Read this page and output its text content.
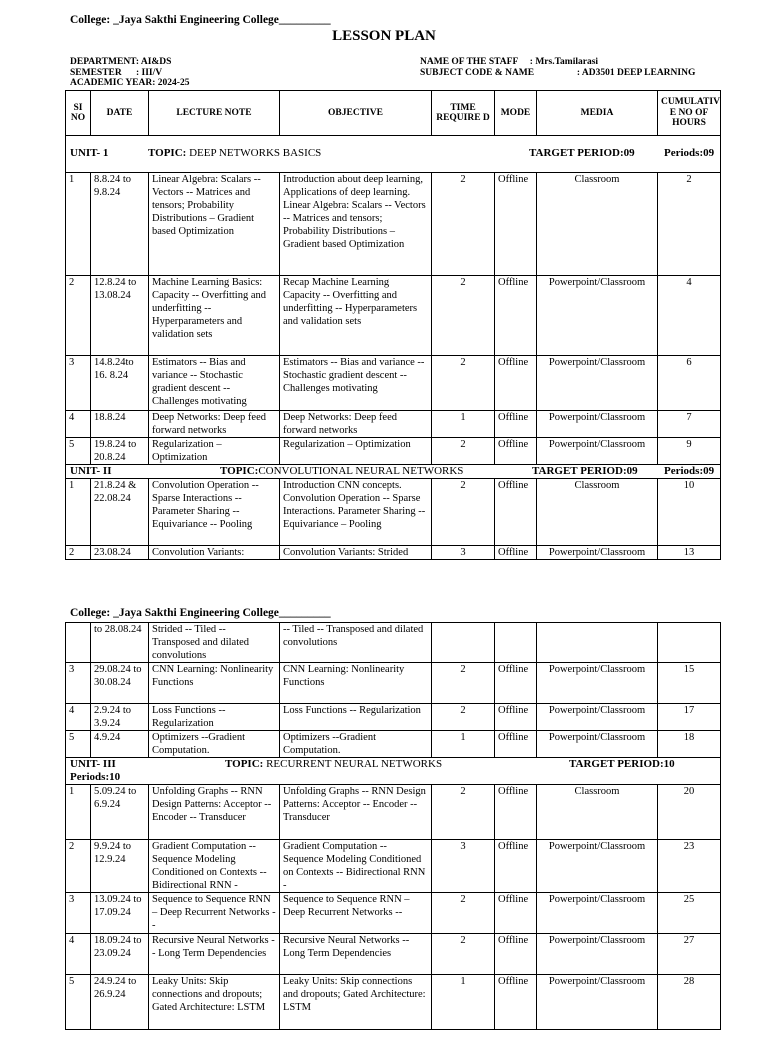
College: _Jaya Sakthi Engineering College_________
LESSON PLAN
DEPARTMENT: AI&DS
SEMESTER      : III/V
ACADEMIC YEAR: 2024-25
NAME OF THE STAFF     : Mrs.Tamilarasi
SUBJECT CODE & NAME                  : AD3501 DEEP LEARNING
SI NO	DATE	LECTURE NOTE	OBJECTIVE	TIME REQUIRE D	MODE	MEDIA	CUMULATIV E NO OF HOURS

UNIT- 1 TOPIC: DEEP NETWORKS BASICS TARGET PERIOD:09 Periods:09							

1	8.8.24 to 9.8.24	Linear Algebra: Scalars -- Vectors -- Matrices and tensors; Probability Distributions – Gradient based Optimization	Introduction about deep learning, Applications of deep learning. Linear Algebra: Scalars -- Vectors -- Matrices and tensors; Probability Distributions – Gradient based Optimization	2	Offline	Classroom	2
2	12.8.24 to 13.08.24	Machine Learning Basics: Capacity -- Overfitting and underfitting -- Hyperparameters and validation sets	Recap Machine Learning Capacity -- Overfitting and underfitting -- Hyperparameters and validation sets	2	Offline	Powerpoint/Classroom	4
3	14.8.24to 16. 8.24	Estimators -- Bias and variance -- Stochastic gradient descent -- Challenges motivating	Estimators -- Bias and variance -- Stochastic gradient descent -- Challenges motivating	2	Offline	Powerpoint/Classroom	6
4	18.8.24	Deep Networks: Deep feed forward networks	Deep Networks: Deep feed forward networks	1	Offline	Powerpoint/Classroom	7
5	19.8.24 to 20.8.24	Regularization – Optimization	Regularization – Optimization	2	Offline	Powerpoint/Classroom	9

UNIT- II TOPIC:CONVOLUTIONAL NEURAL NETWORKS TARGET PERIOD:09 Periods:09							

1	21.8.24 & 22.08.24	Convolution Operation -- Sparse Interactions -- Parameter Sharing -- Equivariance -- Pooling	Introduction CNN concepts. Convolution Operation -- Sparse Interactions. Parameter Sharing -- Equivariance – Pooling	2	Offline	Classroom	10
2	23.08.24	Convolution Variants:	Convolution Variants: Strided	3	Offline	Powerpoint/Classroom	13
College: _Jaya Sakthi Engineering College_________
	to 28.08.24	Strided -- Tiled -- Transposed and dilated convolutions	-- Tiled -- Transposed and dilated convolutions				
3	29.08.24 to 30.08.24	CNN Learning: Nonlinearity Functions	CNN Learning: Nonlinearity Functions	2	Offline	Powerpoint/Classroom	15
4	2.9.24 to 3.9.24	Loss Functions -- Regularization	Loss Functions -- Regularization	2	Offline	Powerpoint/Classroom	17
5	4.9.24	Optimizers --Gradient Computation.	Optimizers --Gradient Computation.	1	Offline	Powerpoint/Classroom	18

UNIT- III TOPIC: RECURRENT NEURAL NETWORKS TARGET PERIOD:10
Periods:10							

1	5.09.24 to 6.9.24	Unfolding Graphs -- RNN Design Patterns: Acceptor -- Encoder -- Transducer	Unfolding Graphs -- RNN Design Patterns: Acceptor -- Encoder --Transducer	2	Offline	Classroom	20
2	9.9.24 to 12.9.24	Gradient Computation -- Sequence Modeling Conditioned on Contexts -- Bidirectional RNN -	Gradient Computation -- Sequence Modeling Conditioned on Contexts -- Bidirectional RNN -	3	Offline	Powerpoint/Classroom	23
3	13.09.24 to 17.09.24	Sequence to Sequence RNN – Deep Recurrent Networks --	Sequence to Sequence RNN – Deep Recurrent Networks --	2	Offline	Powerpoint/Classroom	25
4	18.09.24 to 23.09.24	Recursive Neural Networks -- Long Term Dependencies	Recursive Neural Networks -- Long Term Dependencies	2	Offline	Powerpoint/Classroom	27
5	24.9.24 to 26.9.24	Leaky Units: Skip connections and dropouts; Gated Architecture: LSTM	Leaky Units: Skip connections and dropouts; Gated Architecture: LSTM	1	Offline	Powerpoint/Classroom	28
